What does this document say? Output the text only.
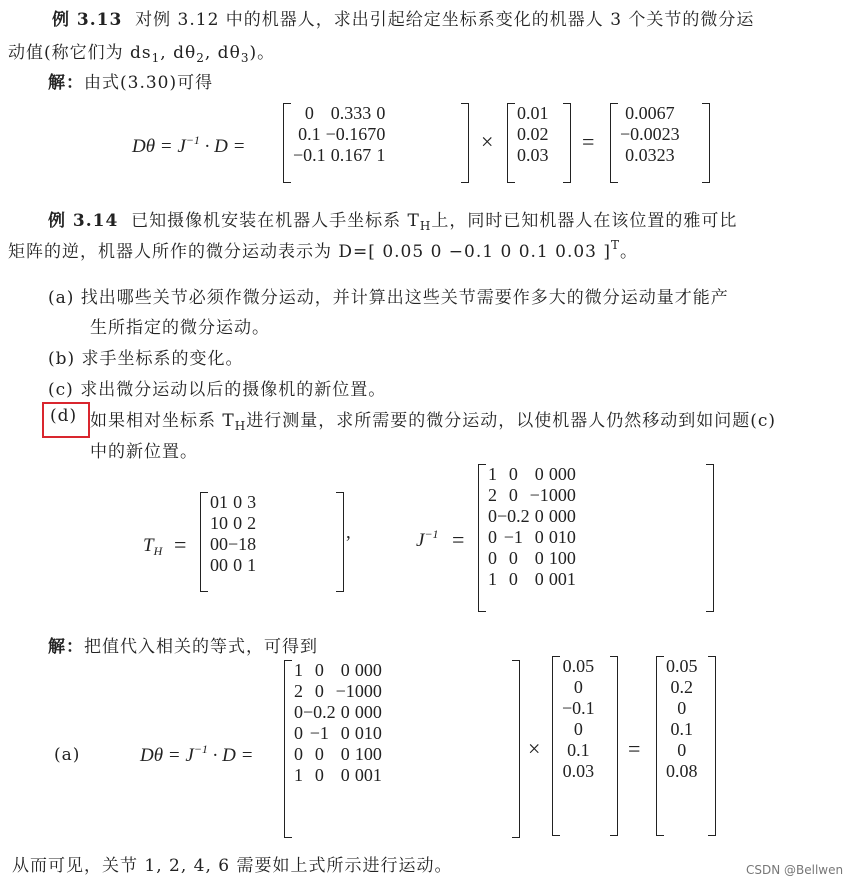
例 3.13 对例 3.12 中的机器人，求出引起给定坐标系变化的机器人 3 个关节的微分运
动值(称它们为 $ds_1$, $d\theta_2$, $d\theta_3$)。
解：由式(3.30)可得
$D\theta = J^{-1} \cdot D$ =
0	0.333	0
0.1	−0.167	0
−0.1	0.167	1
×
0.01
0.02
0.03
=
0.0067
−0.0023
0.0323
例 3.14 已知摄像机安装在机器人手坐标系 $T_H$上，同时已知机器人在该位置的雅可比
矩阵的逆，机器人所作的微分运动表示为 D=[ 0.05 0 −0.1 0 0.1 0.03 ]$^T$。
(a) 找出哪些关节必须作微分运动，并计算出这些关节需要作多大的微分运动量才能产
生所指定的微分运动。
(b) 求手坐标系的变化。
(c) 求出微分运动以后的摄像机的新位置。
(d) 如果相对坐标系 $T_H$进行测量，求所需要的微分运动，以使机器人仍然移动到如问题(c)
中的新位置。
$T_H$ =
0	1	0	3
1	0	0	2
0	0	−1	8
0	0	0	1
,	$J^{-1}$ =
1	0	0	0	0	0
2	0	−1	0	0	0
0	−0.2	0	0	0	0
0	−1	0	0	1	0
0	0	0	1	0	0
1	0	0	0	0	1
解：把值代入相关的等式，可得到
(a)	$D\theta = J^{-1} \cdot D$ =
1	0	0	0	0	0
2	0	−1	0	0	0
0	−0.2	0	0	0	0
0	−1	0	0	1	0
0	0	0	1	0	0
1	0	0	0	0	1
×
0.05
0
−0.1
0
0.1
0.03
=
0.05
0.2
0
0.1
0
0.08
从而可见，关节 1, 2, 4, 6 需要如上式所示进行运动。	CSDN @Bellwen
